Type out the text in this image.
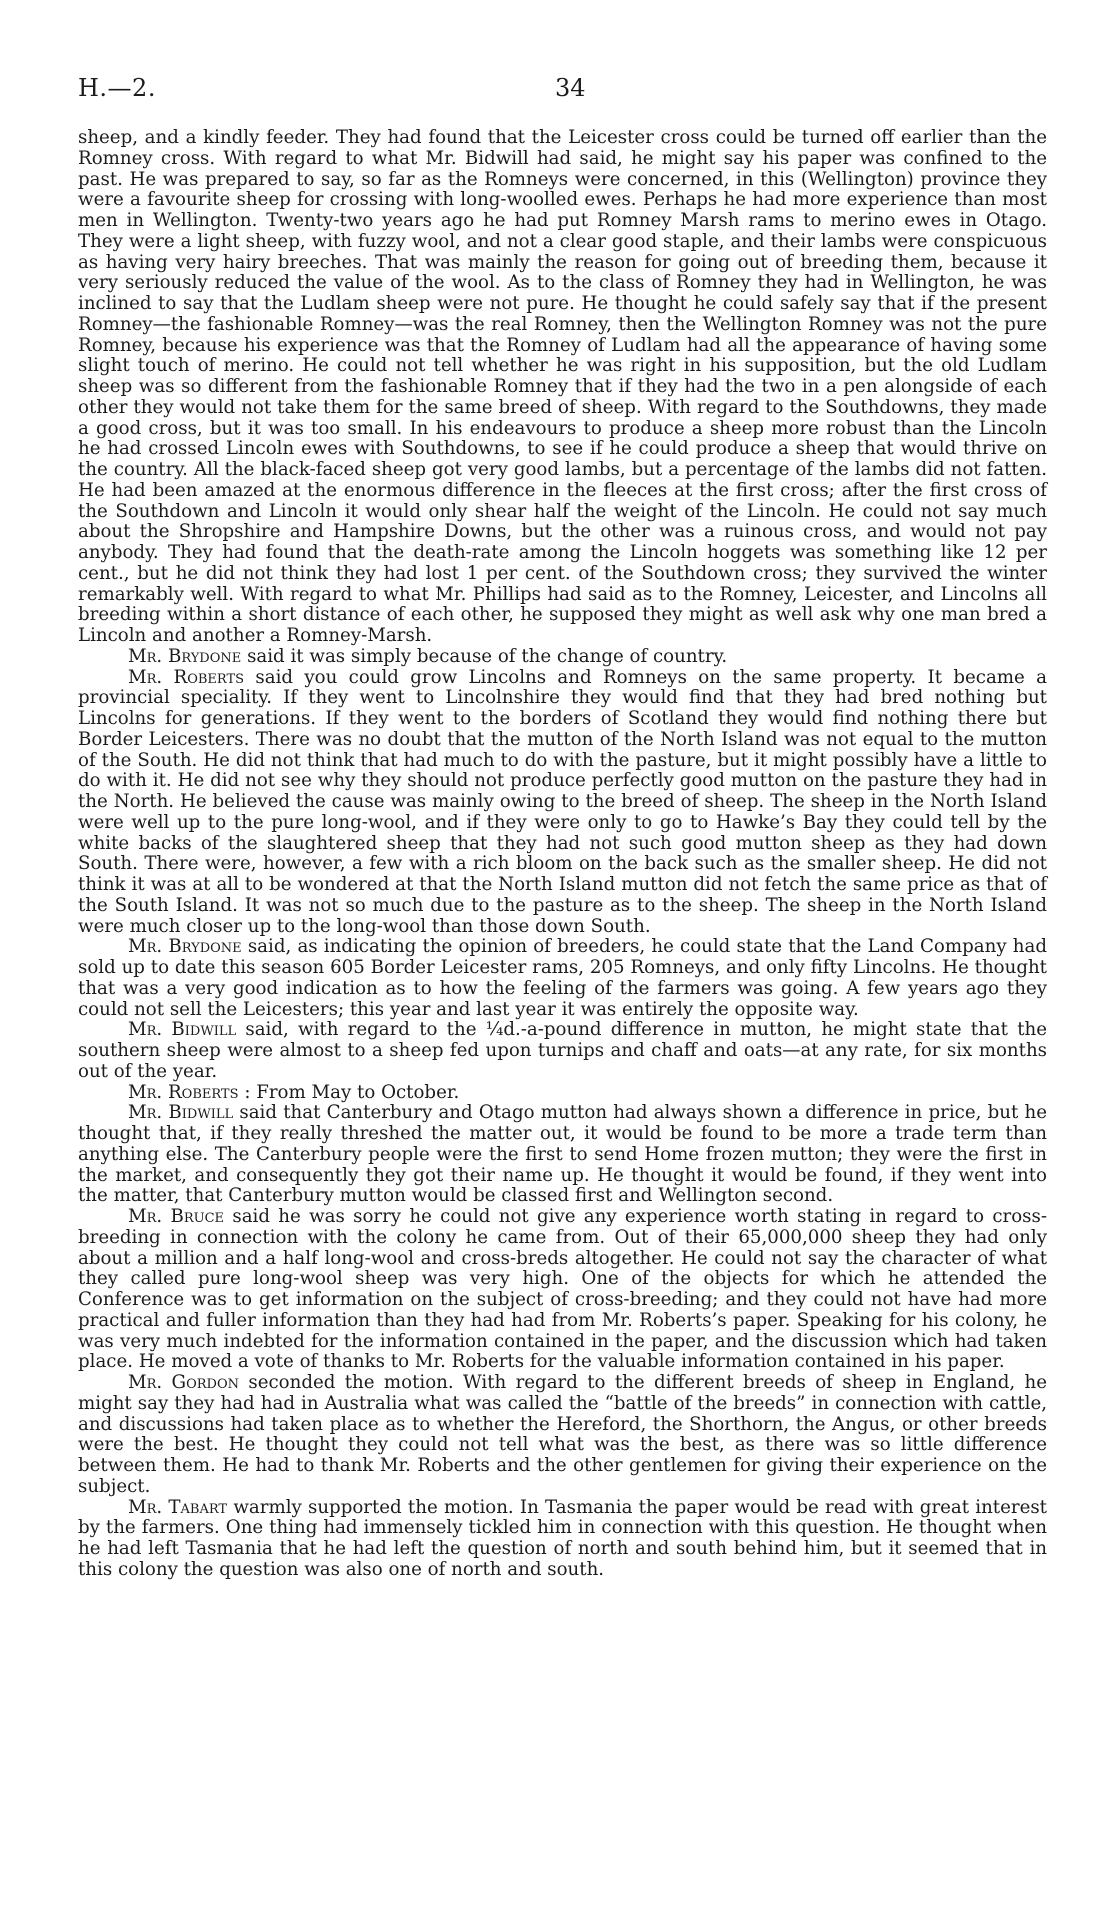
H.—2.	34

sheep, and a kindly feeder. They had found that the Leicester cross could be turned off earlier than the Romney cross. With regard to what Mr. Bidwill had said, he might say his paper was confined to the past. He was prepared to say, so far as the Romneys were concerned, in this (Wellington) province they were a favourite sheep for crossing with long-woolled ewes. Perhaps he had more experience than most men in Wellington. Twenty-two years ago he had put Romney Marsh rams to merino ewes in Otago. They were a light sheep, with fuzzy wool, and not a clear good staple, and their lambs were conspicuous as having very hairy breeches. That was mainly the reason for going out of breeding them, because it very seriously reduced the value of the wool. As to the class of Romney they had in Wellington, he was inclined to say that the Ludlam sheep were not pure. He thought he could safely say that if the present Romney—the fashionable Romney—was the real Romney, then the Wellington Romney was not the pure Romney, because his experience was that the Romney of Ludlam had all the appearance of having some slight touch of merino. He could not tell whether he was right in his supposition, but the old Ludlam sheep was so different from the fashionable Romney that if they had the two in a pen alongside of each other they would not take them for the same breed of sheep. With regard to the Southdowns, they made a good cross, but it was too small. In his endeavours to produce a sheep more robust than the Lincoln he had crossed Lincoln ewes with Southdowns, to see if he could produce a sheep that would thrive on the country. All the black-faced sheep got very good lambs, but a percentage of the lambs did not fatten. He had been amazed at the enormous difference in the fleeces at the first cross; after the first cross of the Southdown and Lincoln it would only shear half the weight of the Lincoln. He could not say much about the Shropshire and Hampshire Downs, but the other was a ruinous cross, and would not pay anybody. They had found that the death-rate among the Lincoln hoggets was something like 12 per cent., but he did not think they had lost 1 per cent. of the Southdown cross; they survived the winter remarkably well. With regard to what Mr. Phillips had said as to the Romney, Leicester, and Lincolns all breeding within a short distance of each other, he supposed they might as well ask why one man bred a Lincoln and another a Romney-Marsh.

Mr. Brydone said it was simply because of the change of country.

Mr. Roberts said you could grow Lincolns and Romneys on the same property. It became a provincial speciality. If they went to Lincolnshire they would find that they had bred nothing but Lincolns for generations. If they went to the borders of Scotland they would find nothing there but Border Leicesters. There was no doubt that the mutton of the North Island was not equal to the mutton of the South. He did not think that had much to do with the pasture, but it might possibly have a little to do with it. He did not see why they should not produce perfectly good mutton on the pasture they had in the North. He believed the cause was mainly owing to the breed of sheep. The sheep in the North Island were well up to the pure long-wool, and if they were only to go to Hawke’s Bay they could tell by the white backs of the slaughtered sheep that they had not such good mutton sheep as they had down South. There were, however, a few with a rich bloom on the back such as the smaller sheep. He did not think it was at all to be wondered at that the North Island mutton did not fetch the same price as that of the South Island. It was not so much due to the pasture as to the sheep. The sheep in the North Island were much closer up to the long-wool than those down South.

Mr. Brydone said, as indicating the opinion of breeders, he could state that the Land Company had sold up to date this season 605 Border Leicester rams, 205 Romneys, and only fifty Lincolns. He thought that was a very good indication as to how the feeling of the farmers was going. A few years ago they could not sell the Leicesters; this year and last year it was entirely the opposite way.

Mr. Bidwill said, with regard to the ¼d.-a-pound difference in mutton, he might state that the southern sheep were almost to a sheep fed upon turnips and chaff and oats—at any rate, for six months out of the year.

Mr. Roberts : From May to October.

Mr. Bidwill said that Canterbury and Otago mutton had always shown a difference in price, but he thought that, if they really threshed the matter out, it would be found to be more a trade term than anything else. The Canterbury people were the first to send Home frozen mutton; they were the first in the market, and consequently they got their name up. He thought it would be found, if they went into the matter, that Canterbury mutton would be classed first and Wellington second.

Mr. Bruce said he was sorry he could not give any experience worth stating in regard to cross-breeding in connection with the colony he came from. Out of their 65,000,000 sheep they had only about a million and a half long-wool and cross-breds altogether. He could not say the character of what they called pure long-wool sheep was very high. One of the objects for which he attended the Conference was to get information on the subject of cross-breeding; and they could not have had more practical and fuller information than they had had from Mr. Roberts’s paper. Speaking for his colony, he was very much indebted for the information contained in the paper, and the discussion which had taken place. He moved a vote of thanks to Mr. Roberts for the valuable information contained in his paper.

Mr. Gordon seconded the motion. With regard to the different breeds of sheep in England, he might say they had had in Australia what was called the “battle of the breeds” in connection with cattle, and discussions had taken place as to whether the Hereford, the Shorthorn, the Angus, or other breeds were the best. He thought they could not tell what was the best, as there was so little difference between them. He had to thank Mr. Roberts and the other gentlemen for giving their experience on the subject.

Mr. Tabart warmly supported the motion. In Tasmania the paper would be read with great interest by the farmers. One thing had immensely tickled him in connection with this question. He thought when he had left Tasmania that he had left the question of north and south behind him, but it seemed that in this colony the question was also one of north and south.
